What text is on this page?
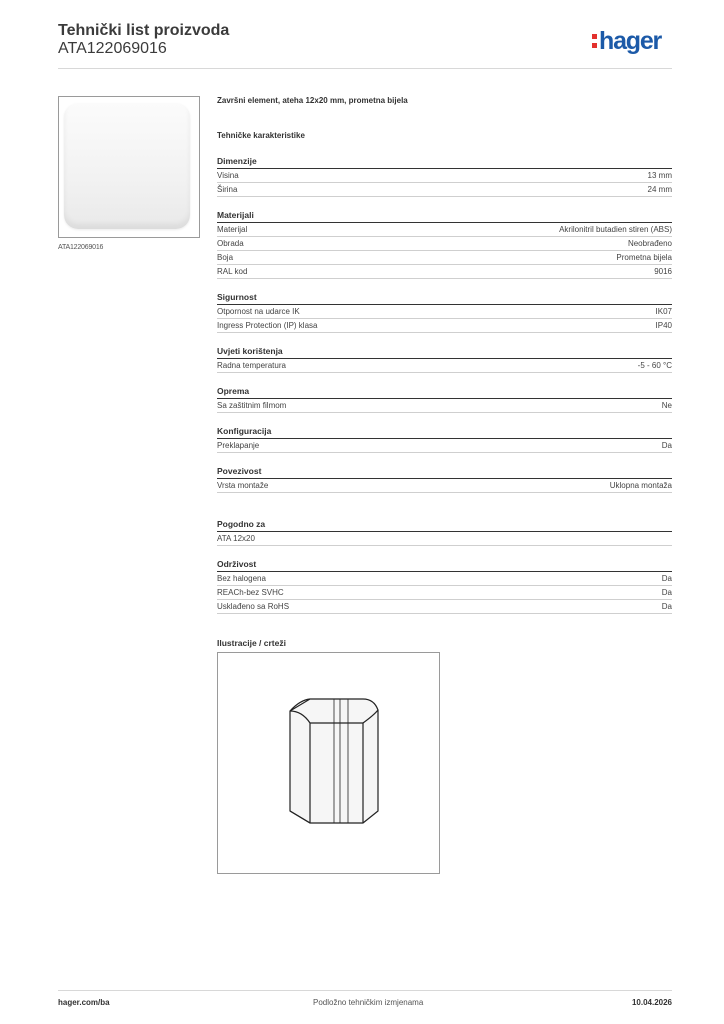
Tehnički list proizvoda
ATA122069016	hager
ATA122069016
Završni element, ateha 12x20 mm, prometna bijela
Tehničke karakteristike
Dimenzije
Visina	13 mm
Širina	24 mm
Materijali
Materijal	Akrilonitril butadien stiren (ABS)
Obrada	Neobrađeno
Boja	Prometna bijela
RAL kod	9016
Sigurnost
Otpornost na udarce IK	IK07
Ingress Protection (IP) klasa	IP40
Uvjeti korištenja
Radna temperatura	-5 - 60 °C
Oprema
Sa zaštitnim filmom	Ne
Konfiguracija
Preklapanje	Da
Povezivost
Vrsta montaže	Uklopna montaža
Pogodno za
ATA 12x20
Održivost
Bez halogena	Da
REACh-bez SVHC	Da
Usklađeno sa RoHS	Da
Ilustracije / crteži
hager.com/ba	Podložno tehničkim izmjenama	10.04.2026
